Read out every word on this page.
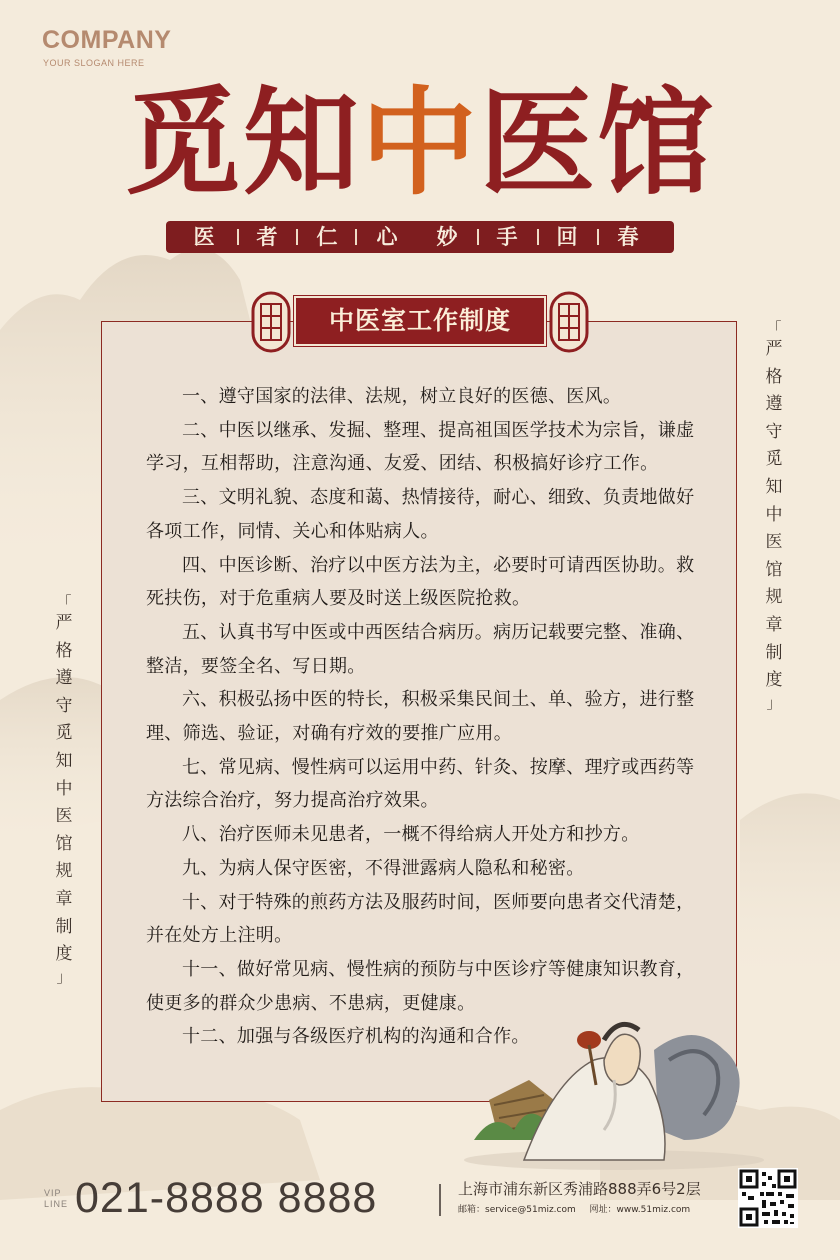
COMPANY
YOUR SLOGAN HERE
觅知中医馆
医 者 仁 心 妙 手 回 春
中医室工作制度

一、遵守国家的法律、法规，树立良好的医德、医风。

二、中医以继承、发掘、整理、提高祖国医学技术为宗旨，谦虚学习，互相帮助，注意沟通、友爱、团结、积极搞好诊疗工作。

三、文明礼貌、态度和蔼、热情接待，耐心、细致、负责地做好各项工作，同情、关心和体贴病人。

四、中医诊断、治疗以中医方法为主，必要时可请西医协助。救死扶伤，对于危重病人要及时送上级医院抢救。

五、认真书写中医或中西医结合病历。病历记载要完整、准确、整洁，要签全名、写日期。

六、积极弘扬中医的特长，积极采集民间土、单、验方，进行整理、筛选、验证，对确有疗效的要推广应用。

七、常见病、慢性病可以运用中药、针灸、按摩、理疗或西药等方法综合治疗，努力提高治疗效果。

八、治疗医师未见患者，一概不得给病人开处方和抄方。

九、为病人保守医密，不得泄露病人隐私和秘密。

十、对于特殊的煎药方法及服药时间，医师要向患者交代清楚，并在处方上注明。

十一、做好常见病、慢性病的预防与中医诊疗等健康知识教育，使更多的群众少患病、不患病，更健康。

十二、加强与各级医疗机构的沟通和合作。

「
严
格
遵
守
觅
知
中
医
馆
规
章
制
度
」
「
严
格
遵
守
觅
知
中
医
馆
规
章
制
度
」
VIP
LINE 021-8888 8888	上海市浦东新区秀浦路888弄6号2层
邮箱：service@51miz.com 网址：www.51miz.com
